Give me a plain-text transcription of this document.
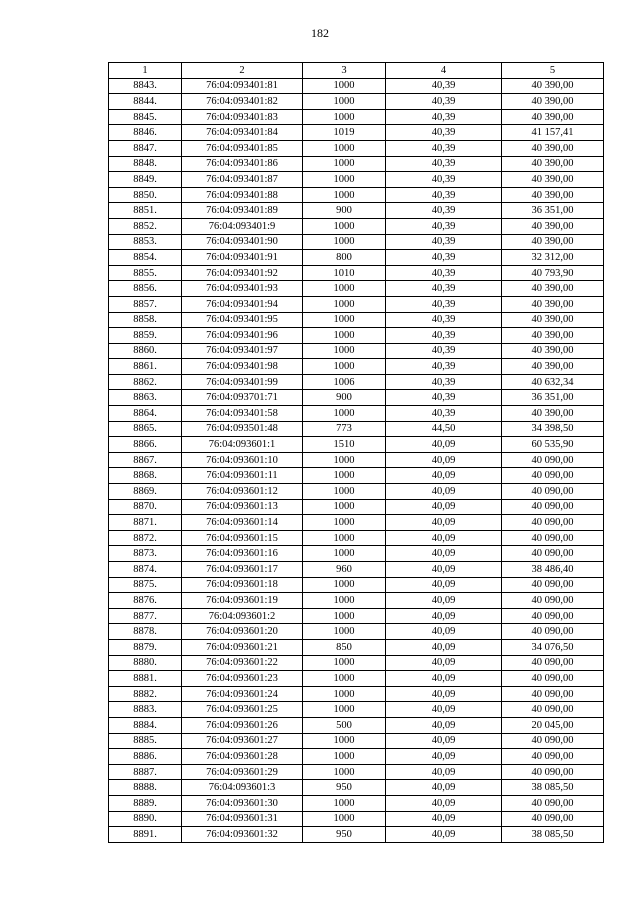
182
1	2	3	4	5
8843.	76:04:093401:81	1000	40,39	40 390,00
8844.	76:04:093401:82	1000	40,39	40 390,00
8845.	76:04:093401:83	1000	40,39	40 390,00
8846.	76:04:093401:84	1019	40,39	41 157,41
8847.	76:04:093401:85	1000	40,39	40 390,00
8848.	76:04:093401:86	1000	40,39	40 390,00
8849.	76:04:093401:87	1000	40,39	40 390,00
8850.	76:04:093401:88	1000	40,39	40 390,00
8851.	76:04:093401:89	900	40,39	36 351,00
8852.	76:04:093401:9	1000	40,39	40 390,00
8853.	76:04:093401:90	1000	40,39	40 390,00
8854.	76:04:093401:91	800	40,39	32 312,00
8855.	76:04:093401:92	1010	40,39	40 793,90
8856.	76:04:093401:93	1000	40,39	40 390,00
8857.	76:04:093401:94	1000	40,39	40 390,00
8858.	76:04:093401:95	1000	40,39	40 390,00
8859.	76:04:093401:96	1000	40,39	40 390,00
8860.	76:04:093401:97	1000	40,39	40 390,00
8861.	76:04:093401:98	1000	40,39	40 390,00
8862.	76:04:093401:99	1006	40,39	40 632,34
8863.	76:04:093701:71	900	40,39	36 351,00
8864.	76:04:093401:58	1000	40,39	40 390,00
8865.	76:04:093501:48	773	44,50	34 398,50
8866.	76:04:093601:1	1510	40,09	60 535,90
8867.	76:04:093601:10	1000	40,09	40 090,00
8868.	76:04:093601:11	1000	40,09	40 090,00
8869.	76:04:093601:12	1000	40,09	40 090,00
8870.	76:04:093601:13	1000	40,09	40 090,00
8871.	76:04:093601:14	1000	40,09	40 090,00
8872.	76:04:093601:15	1000	40,09	40 090,00
8873.	76:04:093601:16	1000	40,09	40 090,00
8874.	76:04:093601:17	960	40,09	38 486,40
8875.	76:04:093601:18	1000	40,09	40 090,00
8876.	76:04:093601:19	1000	40,09	40 090,00
8877.	76:04:093601:2	1000	40,09	40 090,00
8878.	76:04:093601:20	1000	40,09	40 090,00
8879.	76:04:093601:21	850	40,09	34 076,50
8880.	76:04:093601:22	1000	40,09	40 090,00
8881.	76:04:093601:23	1000	40,09	40 090,00
8882.	76:04:093601:24	1000	40,09	40 090,00
8883.	76:04:093601:25	1000	40,09	40 090,00
8884.	76:04:093601:26	500	40,09	20 045,00
8885.	76:04:093601:27	1000	40,09	40 090,00
8886.	76:04:093601:28	1000	40,09	40 090,00
8887.	76:04:093601:29	1000	40,09	40 090,00
8888.	76:04:093601:3	950	40,09	38 085,50
8889.	76:04:093601:30	1000	40,09	40 090,00
8890.	76:04:093601:31	1000	40,09	40 090,00
8891.	76:04:093601:32	950	40,09	38 085,50
